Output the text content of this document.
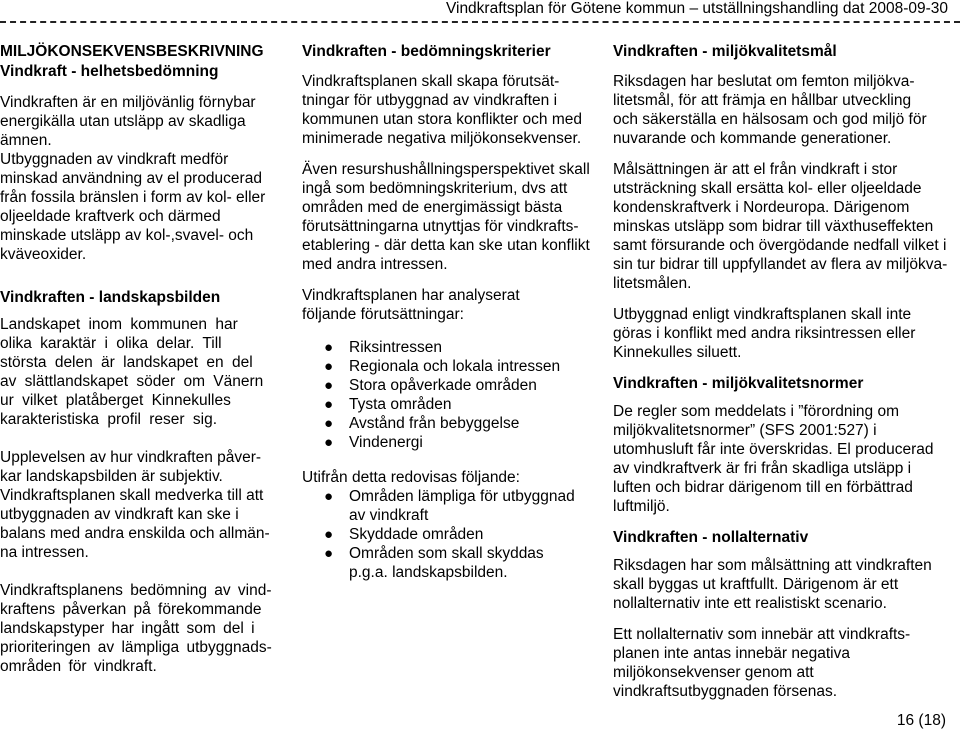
Vindkraftsplan för Götene kommun – utställningshandling dat 2008-09-30

MILJÖKONSEKVENSBESKRIVNING

Vindkraft - helhetsbedömning

Vindkraften är en miljövänlig förnybar
energikälla utan utsläpp av skadliga
ämnen.

Utbyggnaden av vindkraft medför
minskad användning av el producerad
från fossila bränslen i form av kol- eller
oljeeldade kraftverk och därmed
minskade utsläpp av kol-,svavel- och
kväveoxider.

Vindkraften - landskapsbilden

Landskapet inom kommunen har
olika karaktär i olika delar. Till
största delen är landskapet en del
av slättlandskapet söder om Vänern
ur vilket platåberget Kinnekulles
karakteristiska profil reser sig.

Upplevelsen av hur vindkraften påver-
kar landskapsbilden är subjektiv.
Vindkraftsplanen skall medverka till att
utbyggnaden av vindkraft kan ske i
balans med andra enskilda och allmän-
na intressen.

Vindkraftsplanens bedömning av vind-
kraftens påverkan på förekommande
landskapstyper har ingått som del i
prioriteringen av lämpliga utbyggnads-
områden för vindkraft.

Vindkraften - bedömningskriterier

Vindkraftsplanen skall skapa förutsät-
tningar för utbyggnad av vindkraften i
kommunen utan stora konflikter och med
minimerade negativa miljökonsekvenser.

Även resurshushållningsperspektivet skall
ingå som bedömningskriterium, dvs att
områden med de energimässigt bästa
förutsättningarna utnyttjas för vindkrafts-
etablering - där detta kan ske utan konflikt
med andra intressen.

Vindkraftsplanen har analyserat
följande förutsättningar:

● Riksintressen
● Regionala och lokala intressen
● Stora opåverkade områden
● Tysta områden
● Avstånd från bebyggelse
● Vindenergi

Utifrån detta redovisas följande:

● Områden lämpliga för utbyggnad
av vindkraft
● Skyddade områden
● Områden som skall skyddas
p.g.a. landskapsbilden.

Vindkraften - miljökvalitetsmål

Riksdagen har beslutat om femton miljökva-
litetsmål, för att främja en hållbar utveckling
och säkerställa en hälsosam och god miljö för
nuvarande och kommande generationer.

Målsättningen är att el från vindkraft i stor
utsträckning skall ersätta kol- eller oljeeldade
kondenskraftverk i Nordeuropa. Därigenom
minskas utsläpp som bidrar till växthuseffekten
samt försurande och övergödande nedfall vilket i
sin tur bidrar till uppfyllandet av flera av miljökva-
litetsmålen.

Utbyggnad enligt vindkraftsplanen skall inte
göras i konflikt med andra riksintressen eller
Kinnekulles siluett.

Vindkraften - miljökvalitetsnormer

De regler som meddelats i ”förordning om
miljökvalitetsnormer” (SFS 2001:527) i
utomhusluft får inte överskridas. El producerad
av vindkraftverk är fri från skadliga utsläpp i
luften och bidrar därigenom till en förbättrad
luftmiljö.

Vindkraften - nollalternativ

Riksdagen har som målsättning att vindkraften
skall byggas ut kraftfullt. Därigenom är ett
nollalternativ inte ett realistiskt scenario.

Ett nollalternativ som innebär att vindkrafts-
planen inte antas innebär negativa
miljökonsekvenser genom att
vindkraftsutbyggnaden försenas.

16 (18)
